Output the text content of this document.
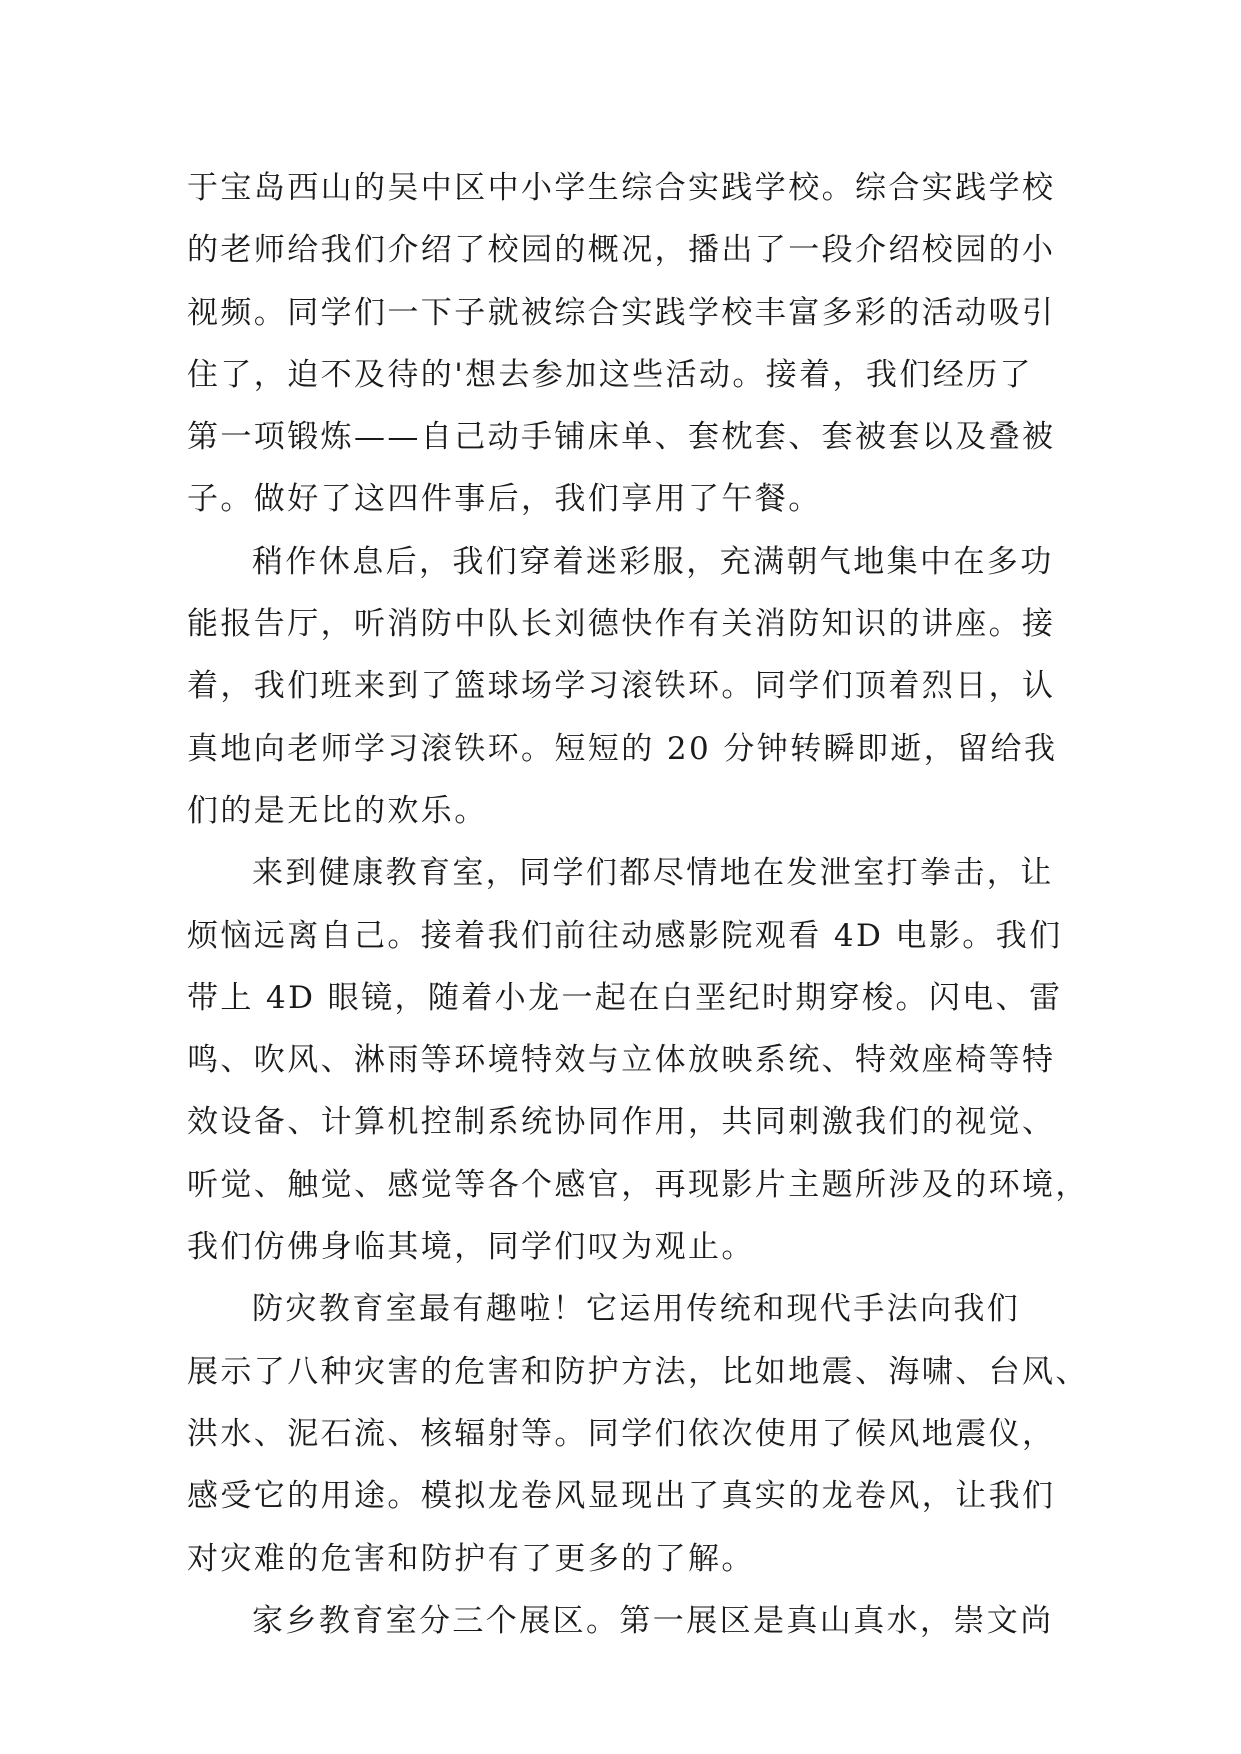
于宝岛西山的吴中区中小学生综合实践学校。综合实践学校
的老师给我们介绍了校园的概况，播出了一段介绍校园的小
视频。同学们一下子就被综合实践学校丰富多彩的活动吸引
住了，迫不及待的'想去参加这些活动。接着，我们经历了
第一项锻炼——自己动手铺床单、套枕套、套被套以及叠被
子。做好了这四件事后，我们享用了午餐。
稍作休息后，我们穿着迷彩服，充满朝气地集中在多功
能报告厅，听消防中队长刘德快作有关消防知识的讲座。接
着，我们班来到了篮球场学习滚铁环。同学们顶着烈日，认
真地向老师学习滚铁环。短短的 20 分钟转瞬即逝，留给我
们的是无比的欢乐。
来到健康教育室，同学们都尽情地在发泄室打拳击，让
烦恼远离自己。接着我们前往动感影院观看 4D 电影。我们
带上 4D 眼镜，随着小龙一起在白垩纪时期穿梭。闪电、雷
鸣、吹风、淋雨等环境特效与立体放映系统、特效座椅等特
效设备、计算机控制系统协同作用，共同刺激我们的视觉、
听觉、触觉、感觉等各个感官，再现影片主题所涉及的环境，
我们仿佛身临其境，同学们叹为观止。
防灾教育室最有趣啦！它运用传统和现代手法向我们
展示了八种灾害的危害和防护方法，比如地震、海啸、台风、
洪水、泥石流、核辐射等。同学们依次使用了候风地震仪，
感受它的用途。模拟龙卷风显现出了真实的龙卷风，让我们
对灾难的危害和防护有了更多的了解。
家乡教育室分三个展区。第一展区是真山真水，崇文尚
